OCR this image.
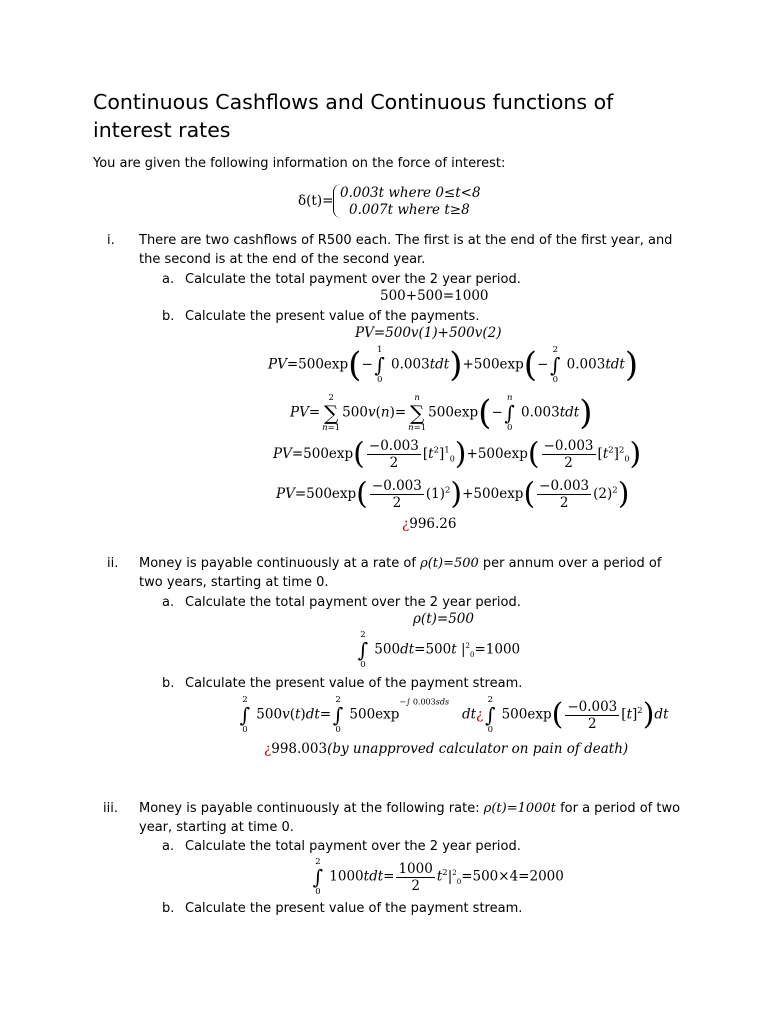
Continuous Cashflows and Continuous functions of interest rates
You are given the following information on the force of interest:
δ(t)= 0.003t where 0≤t<8
0.007t where t≥8
i. There are two cashflows of R500 each. The first is at the end of the first year, and the second is at the end of the second year.
a. Calculate the total payment over the 2 year period.
500+500=1000
b. Calculate the present value of the payments.
PV=500v(1)+500v(2)
PV=500exp(−
1
∫
0
0.003tdt)+500exp(−
2
∫
0
0.003tdt)
PV=
2
∑
n=1
500v(n)=
n
∑
n=1
500exp(−
n
∫
0
0.003tdt)
$PV=500\exp( \frac{-0.003}{2} [t^2]^1_0)+500\exp( \frac{-0.003}{2} [t^2]^2_0)$
$PV=500\exp( \frac{-0.003}{2} (1)^2)+500\exp( \frac{-0.003}{2} (2)^2)$
¿996.26
ii. Money is payable continuously at a rate of ρ(t)=500 per annum over a period of two years, starting at time 0.
a. Calculate the total payment over the 2 year period.
ρ(t)=500
2
∫
0
500dt=500t $|^2_0=1000$
b. Calculate the present value of the payment stream.
2
∫
0
500v(t)dt=
2
∫
0
$500\exp^{-\int 0.003sds}$   dt¿
2
∫
0
$500\exp( \frac{-0.003}{2} [t]^2)dt$
¿998.003(by unapproved calculator on pain of death)
iii. Money is payable continuously at the following rate: ρ(t)=1000t for a period of two year, starting at time 0.
a. Calculate the total payment over the 2 year period.
2
∫
0
$1000tdt= \frac{1000}{2} t^2|^2_0=500\times 4=2000$
b. Calculate the present value of the payment stream.
